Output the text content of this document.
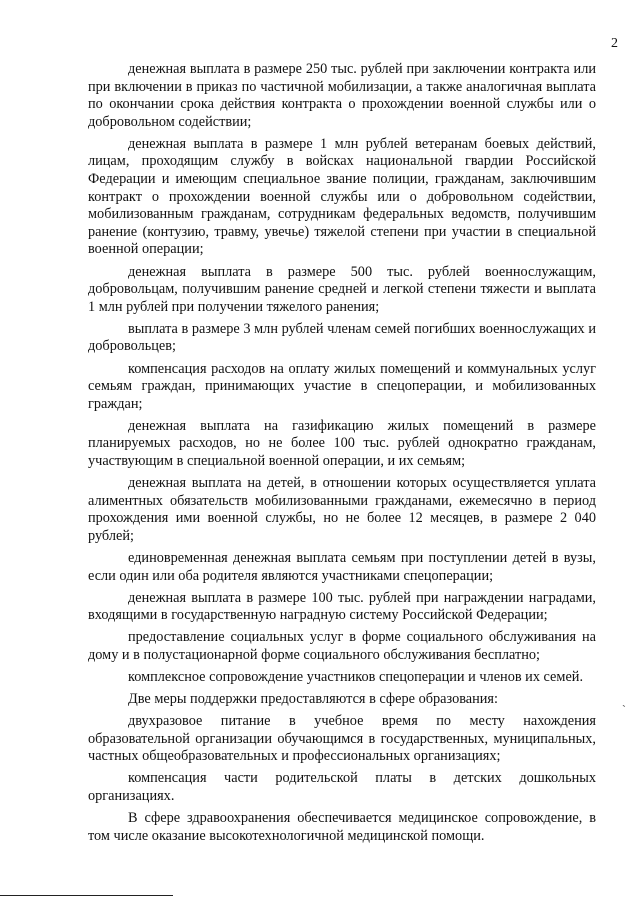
2

денежная выплата в размере 250 тыс. рублей при заключении контракта или при включении в приказ по частичной мобилизации, а также аналогичная выплата по окончании срока действия контракта о прохождении военной службы или о добровольном содействии;

денежная выплата в размере 1 млн рублей ветеранам боевых действий, лицам, проходящим службу в войсках национальной гвардии Российской Федерации и имеющим специальное звание полиции, гражданам, заключившим контракт о прохождении военной службы или о добровольном содействии, мобилизованным гражданам, сотрудникам федеральных ведомств, получившим ранение (контузию, травму, увечье) тяжелой степени при участии в специальной военной операции;

денежная выплата в размере 500 тыс. рублей военнослужащим, добровольцам, получившим ранение средней и легкой степени тяжести и выплата 1 млн рублей при получении тяжелого ранения;

выплата в размере 3 млн рублей членам семей погибших военнослужащих и добровольцев;

компенсация расходов на оплату жилых помещений и коммунальных услуг семьям граждан, принимающих участие в спецоперации, и мобилизованных граждан;

денежная выплата на газификацию жилых помещений в размере планируемых расходов, но не более 100 тыс. рублей однократно гражданам, участвующим в специальной военной операции, и их семьям;

денежная выплата на детей, в отношении которых осуществляется уплата алиментных обязательств мобилизованными гражданами, ежемесячно в период прохождения ими военной службы, но не более 12 месяцев, в размере 2 040 рублей;

единовременная денежная выплата семьям при поступлении детей в вузы, если один или оба родителя являются участниками спецоперации;

денежная выплата в размере 100 тыс. рублей при награждении наградами, входящими в государственную наградную систему Российской Федерации;

предоставление социальных услуг в форме социального обслуживания на дому и в полустационарной форме социального обслуживания бесплатно;

комплексное сопровождение участников спецоперации и членов их семей.

Две меры поддержки предоставляются в сфере образования:

двухразовое питание в учебное время по месту нахождения образовательной организации обучающимся в государственных, муниципальных, частных общеобразовательных и профессиональных организациях;

компенсация части родительской платы в детских дошкольных организациях.

В сфере здравоохранения обеспечивается медицинское сопровождение, в том числе оказание высокотехнологичной медицинской помощи.

˴
